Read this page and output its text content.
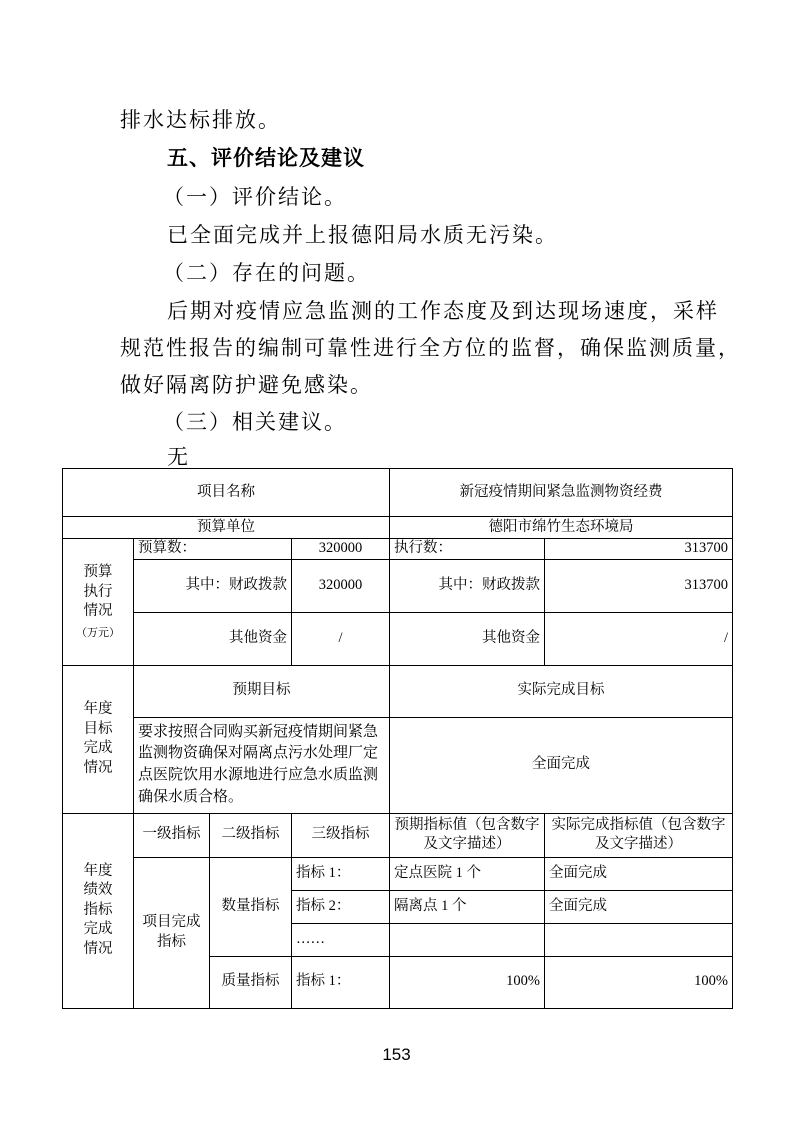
排水达标排放。
五、评价结论及建议
（一）评价结论。
已全面完成并上报德阳局水质无污染。
（二）存在的问题。
后期对疫情应急监测的工作态度及到达现场速度，采样
规范性报告的编制可靠性进行全方位的监督，确保监测质量，
做好隔离防护避免感染。
（三）相关建议。
无
项目名称				新冠疫情期间紧急监测物资经费	
预算单位				德阳市绵竹生态环境局	

预算
执行
情况
（万元）	预算数：		320000	执行数：	313700
	其中：财政拨款		320000	其中：财政拨款	313700
	其他资金		/	其他资金	/

年度
目标
完成
情况	预期目标			实际完成目标	
	要求按照合同购买新冠疫情期间紧急监测物资确保对隔离点污水处理厂定点医院饮用水源地进行应急水质监测确保水质合格。			全面完成	

年度
绩效
指标
完成
情况	一级指标	二级指标	三级指标	预期指标值（包含数字及文字描述）	实际完成指标值（包含数字及文字描述）
	项目完成指标	数量指标	指标 1：	定点医院 1 个	全面完成
			指标 2：	隔离点 1 个	全面完成
			……		
		质量指标	指标 1：	100%	100%
153
